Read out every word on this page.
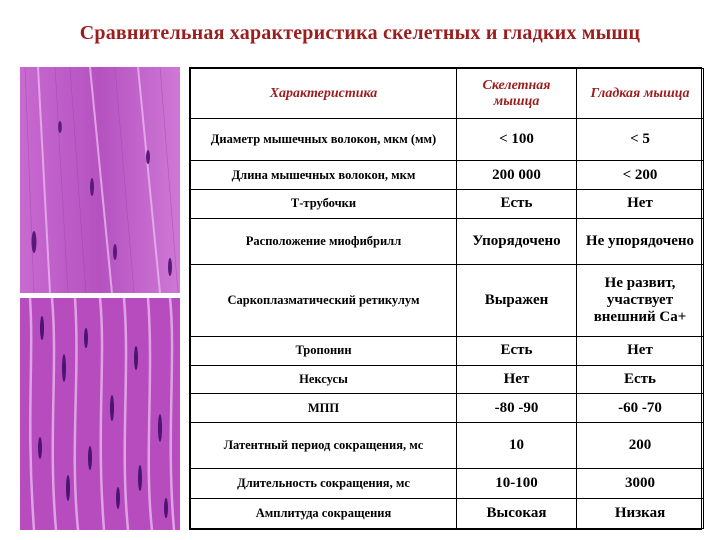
Сравнительная характеристика скелетных и гладких мышц
Характеристика	Скелетная мышца	Гладкая мышца
Диаметр мышечных волокон, мкм (мм)	< 100	< 5
Длина мышечных волокон, мкм	200 000	< 200
Т-трубочки	Есть	Нет
Расположение миофибрилл	Упорядочено	Не упорядочено
Саркоплазматический ретикулум	Выражен	Не развит, участвует внешний Са+
Тропонин	Есть	Нет
Нексусы	Нет	Есть
МПП	-80 -90	-60 -70
Латентный период сокращения, мс	10	200
Длительность сокращения, мс	10-100	3000
Амплитуда сокращения	Высокая	Низкая
